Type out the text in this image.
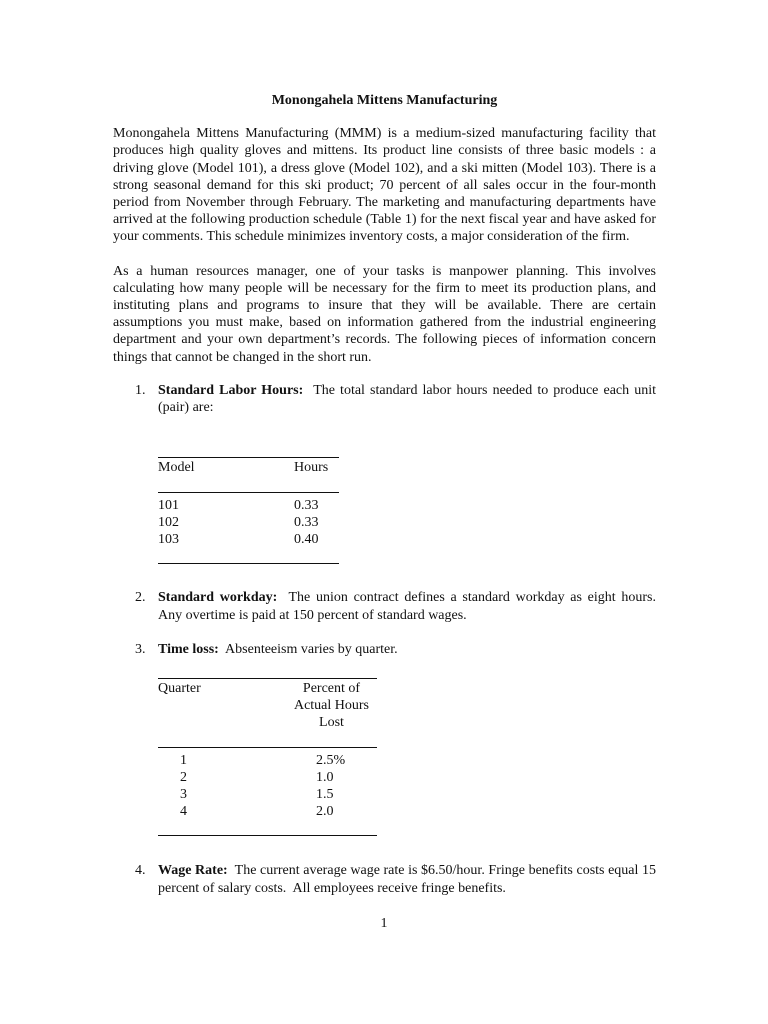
Monongahela Mittens Manufacturing

Monongahela Mittens Manufacturing (MMM) is a medium-sized manufacturing facility that produces high quality gloves and mittens. Its product line consists of three basic models : a driving glove (Model 101), a dress glove (Model 102), and a ski mitten (Model 103). There is a strong seasonal demand for this ski product; 70 percent of all sales occur in the four-month period from November through February. The marketing and manufacturing departments have arrived at the following production schedule (Table 1) for the next fiscal year and have asked for your comments. This schedule minimizes inventory costs, a major consideration of the firm.

As a human resources manager, one of your tasks is manpower planning. This involves calculating how many people will be necessary for the firm to meet its production plans, and instituting plans and programs to insure that they will be available. There are certain assumptions you must make, based on information gathered from the industrial engineering department and your own department’s records. The following pieces of information concern things that cannot be changed in the short run.

1. Standard Labor Hours:  The total standard labor hours needed to produce each unit (pair) are:

Model	Hours

101	0.33
102	0.33
103	0.40

2. Standard workday:  The union contract defines a standard workday as eight hours.  Any overtime is paid at 150 percent of standard wages.
3. Time loss:  Absenteeism varies by quarter.

Quarter	Percent of
Actual Hours Lost

1	2.5%
2	1.0
3	1.5
4	2.0

4. Wage Rate:  The current average wage rate is $6.50/hour. Fringe benefits costs equal 15 percent of salary costs.  All employees receive fringe benefits.
1
